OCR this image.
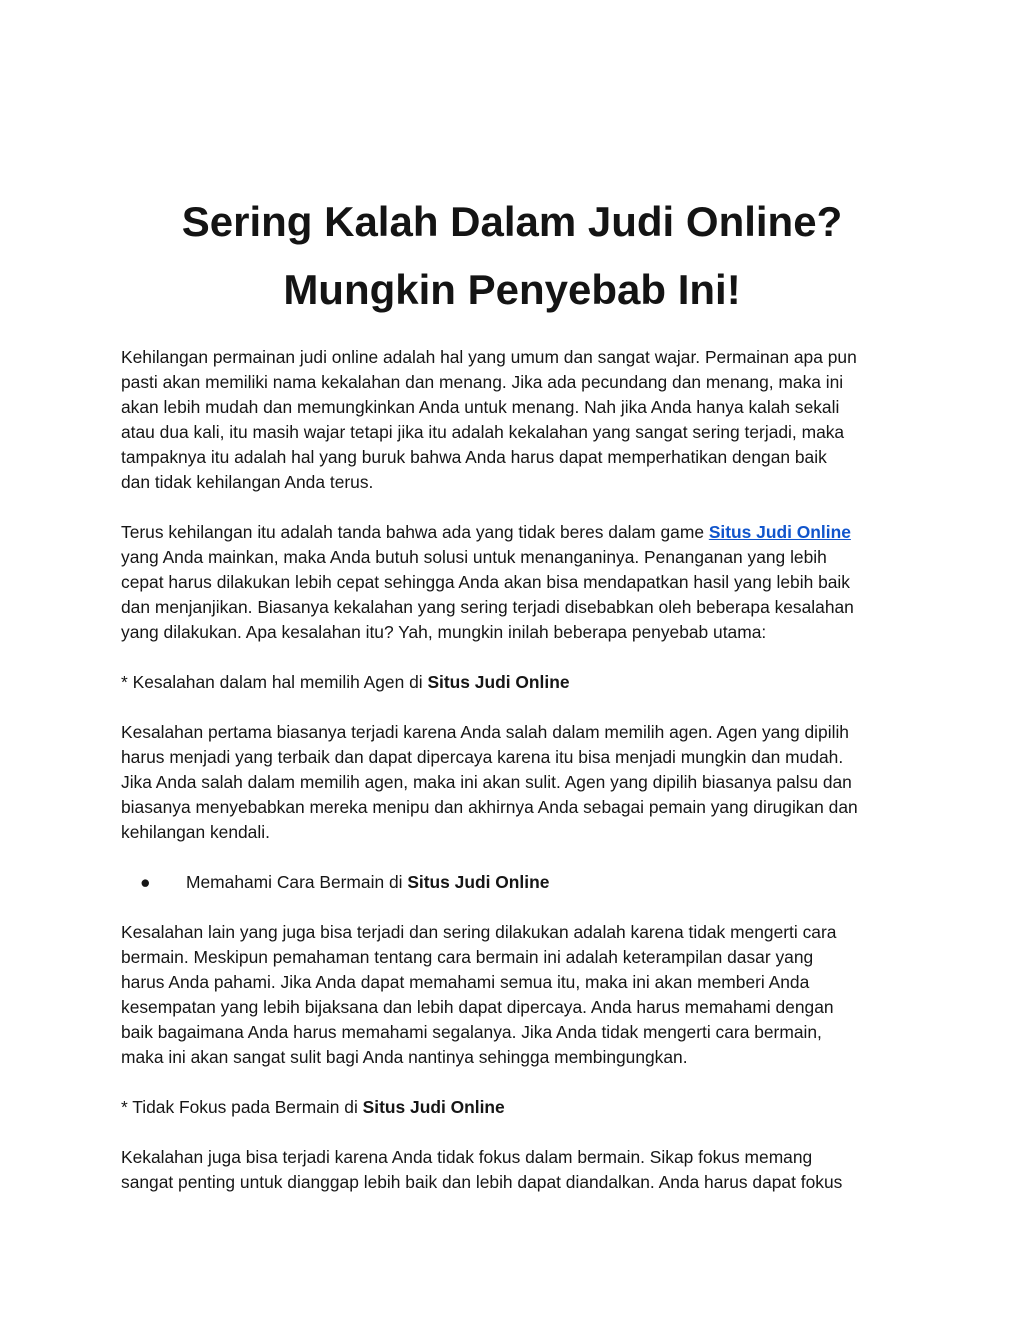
Sering Kalah Dalam Judi Online?
Mungkin Penyebab Ini!

Kehilangan permainan judi online adalah hal yang umum dan sangat wajar. Permainan apa pun
pasti akan memiliki nama kekalahan dan menang. Jika ada pecundang dan menang, maka ini
akan lebih mudah dan memungkinkan Anda untuk menang. Nah jika Anda hanya kalah sekali
atau dua kali, itu masih wajar tetapi jika itu adalah kekalahan yang sangat sering terjadi, maka
tampaknya itu adalah hal yang buruk bahwa Anda harus dapat memperhatikan dengan baik
dan tidak kehilangan Anda terus.

Terus kehilangan itu adalah tanda bahwa ada yang tidak beres dalam game Situs Judi Online
yang Anda mainkan, maka Anda butuh solusi untuk menanganinya. Penanganan yang lebih
cepat harus dilakukan lebih cepat sehingga Anda akan bisa mendapatkan hasil yang lebih baik
dan menjanjikan. Biasanya kekalahan yang sering terjadi disebabkan oleh beberapa kesalahan
yang dilakukan. Apa kesalahan itu? Yah, mungkin inilah beberapa penyebab utama:

* Kesalahan dalam hal memilih Agen di Situs Judi Online

Kesalahan pertama biasanya terjadi karena Anda salah dalam memilih agen. Agen yang dipilih
harus menjadi yang terbaik dan dapat dipercaya karena itu bisa menjadi mungkin dan mudah.
Jika Anda salah dalam memilih agen, maka ini akan sulit. Agen yang dipilih biasanya palsu dan
biasanya menyebabkan mereka menipu dan akhirnya Anda sebagai pemain yang dirugikan dan
kehilangan kendali.

● Memahami Cara Bermain di Situs Judi Online

Kesalahan lain yang juga bisa terjadi dan sering dilakukan adalah karena tidak mengerti cara
bermain. Meskipun pemahaman tentang cara bermain ini adalah keterampilan dasar yang
harus Anda pahami. Jika Anda dapat memahami semua itu, maka ini akan memberi Anda
kesempatan yang lebih bijaksana dan lebih dapat dipercaya. Anda harus memahami dengan
baik bagaimana Anda harus memahami segalanya. Jika Anda tidak mengerti cara bermain,
maka ini akan sangat sulit bagi Anda nantinya sehingga membingungkan.

* Tidak Fokus pada Bermain di Situs Judi Online

Kekalahan juga bisa terjadi karena Anda tidak fokus dalam bermain. Sikap fokus memang
sangat penting untuk dianggap lebih baik dan lebih dapat diandalkan. Anda harus dapat fokus
